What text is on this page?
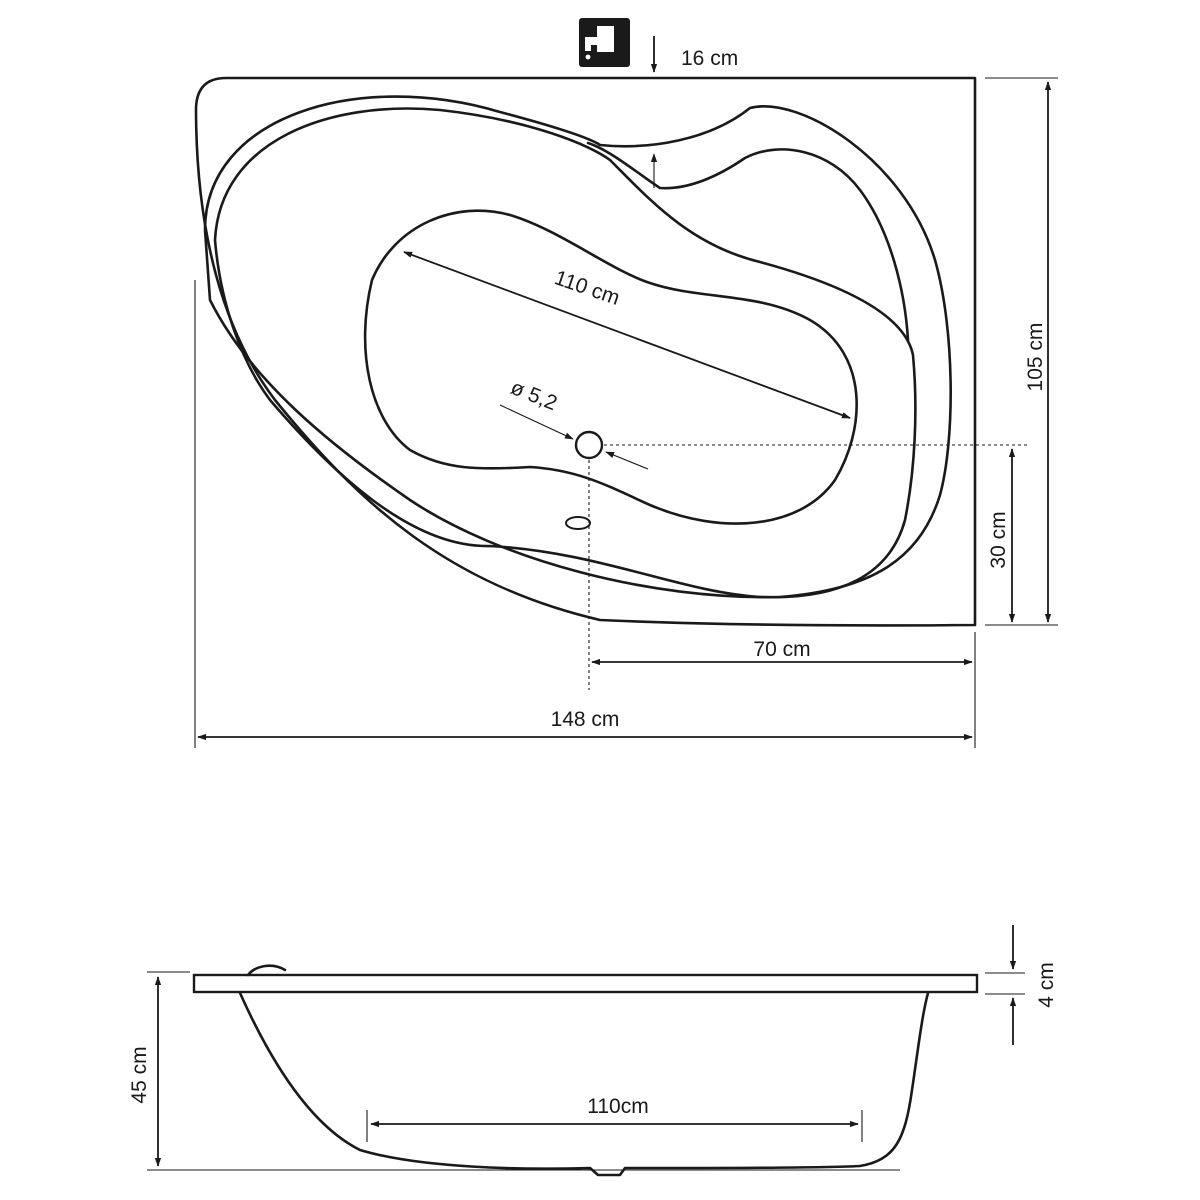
16 cm
110 cm
ø 5,2
105 cm
30 cm
70 cm
148 cm
45 cm
4 cm
110cm
